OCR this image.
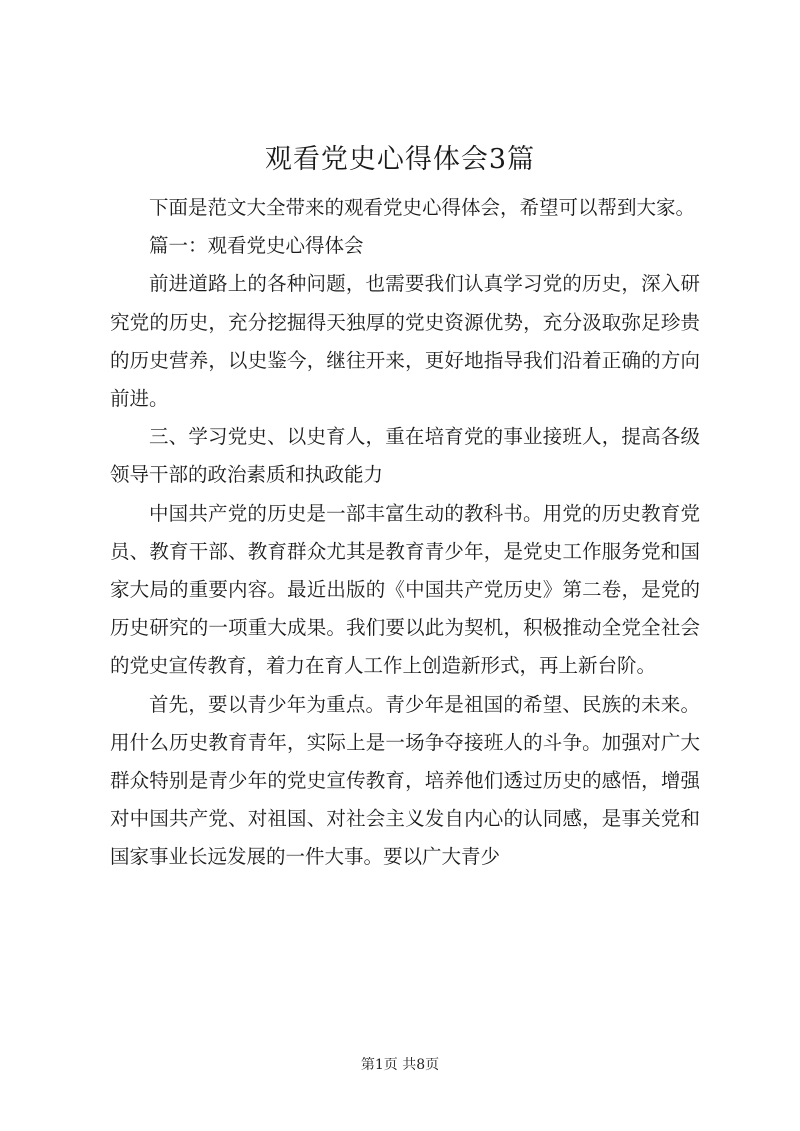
观看党史心得体会3篇

下面是范文大全带来的观看党史心得体会，希望可以帮到大家。

篇一：观看党史心得体会

前进道路上的各种问题，也需要我们认真学习党的历史，深入研究党的历史，充分挖掘得天独厚的党史资源优势，充分汲取弥足珍贵的历史营养，以史鉴今，继往开来，更好地指导我们沿着正确的方向前进。

三、学习党史、以史育人，重在培育党的事业接班人，提高各级领导干部的政治素质和执政能力

中国共产党的历史是一部丰富生动的教科书。用党的历史教育党员、教育干部、教育群众尤其是教育青少年，是党史工作服务党和国家大局的重要内容。最近出版的《中国共产党历史》第二卷，是党的历史研究的一项重大成果。我们要以此为契机，积极推动全党全社会的党史宣传教育，着力在育人工作上创造新形式，再上新台阶。

首先，要以青少年为重点。青少年是祖国的希望、民族的未来。用什么历史教育青年，实际上是一场争夺接班人的斗争。加强对广大群众特别是青少年的党史宣传教育，培养他们透过历史的感悟，增强对中国共产党、对祖国、对社会主义发自内心的认同感，是事关党和国家事业长远发展的一件大事。要以广大青少

第1页 共8页
